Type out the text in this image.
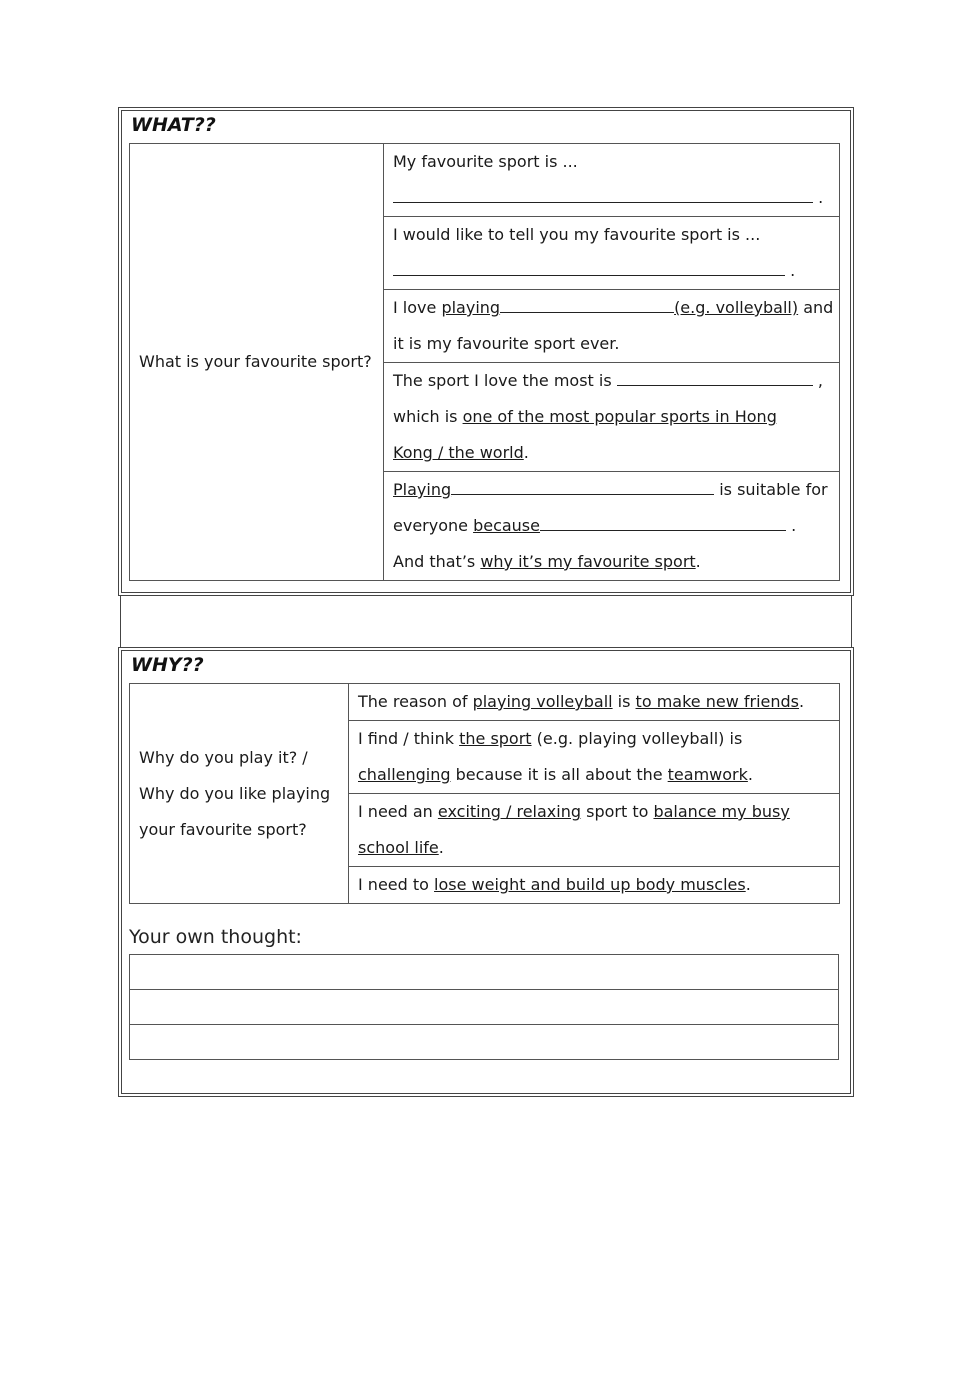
WHAT??
What is your favourite sport?	
My favourite sport is ...
.

I would like to tell you my favourite sport is ...
.

I love playing	(e.g. volleyball) and
it is my favourite sport ever.

The sport I love the most is	,
which is one of the most popular sports in Hong
Kong / the world.

Playing	is suitable for
everyone because	.
And that’s why it’s my favourite sport.
WHY??
Why do you play it? /
Why do you like playing
your favourite sport?

The reason of playing volleyball is to make new friends.

I find / think the sport (e.g. playing volleyball) is
challenging because it is all about the teamwork.

I need an exciting / relaxing sport to balance my busy
school life.

I need to lose weight and build up body muscles.
Your own thought:
